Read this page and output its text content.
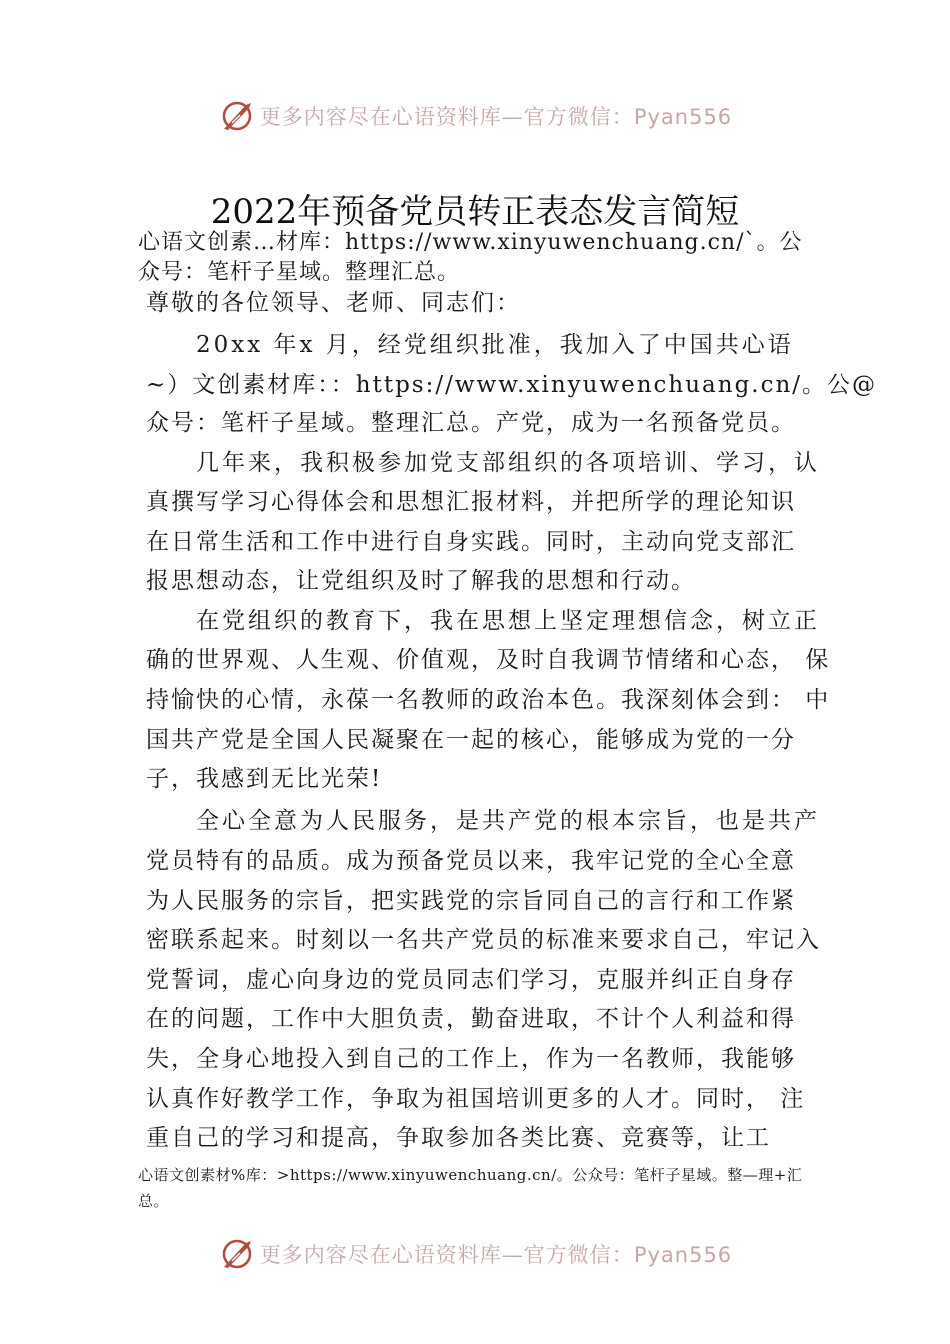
更多内容尽在心语资料库—官方微信：Pyan556
2022年预备党员转正表态发言简短
心语文创素…材库：https://www.xinyuwenchuang.cn/`。公
众号：笔杆子星域。整理汇总。
尊敬的各位领导、老师、同志们：
20xx 年x 月，经党组织批准，我加入了中国共心语
~）文创素材库：：https://www.xinyuwenchuang.cn/。公@
众号：笔杆子星域。整理汇总。产党，成为一名预备党员。
几年来，我积极参加党支部组织的各项培训、学习，认
真撰写学习心得体会和思想汇报材料，并把所学的理论知识
在日常生活和工作中进行自身实践。同时，主动向党支部汇
报思想动态，让党组织及时了解我的思想和行动。
在党组织的教育下，我在思想上坚定理想信念，树立正
确的世界观、人生观、价值观，及时自我调节情绪和心态， 保
持愉快的心情，永葆一名教师的政治本色。我深刻体会到： 中
国共产党是全国人民凝聚在一起的核心，能够成为党的一分
子，我感到无比光荣!
全心全意为人民服务，是共产党的根本宗旨，也是共产
党员特有的品质。成为预备党员以来，我牢记党的全心全意
为人民服务的宗旨，把实践党的宗旨同自己的言行和工作紧
密联系起来。时刻以一名共产党员的标准来要求自己，牢记入
党誓词，虚心向身边的党员同志们学习，克服并纠正自身存
在的问题，工作中大胆负责，勤奋进取，不计个人利益和得
失，全身心地投入到自己的工作上，作为一名教师，我能够
认真作好教学工作，争取为祖国培训更多的人才。同时， 注
重自己的学习和提高，争取参加各类比赛、竞赛等，让工
心语文创素材%库：>https://www.xinyuwenchuang.cn/。公众号：笔杆子星域。整—理+汇
总。
更多内容尽在心语资料库—官方微信：Pyan556
